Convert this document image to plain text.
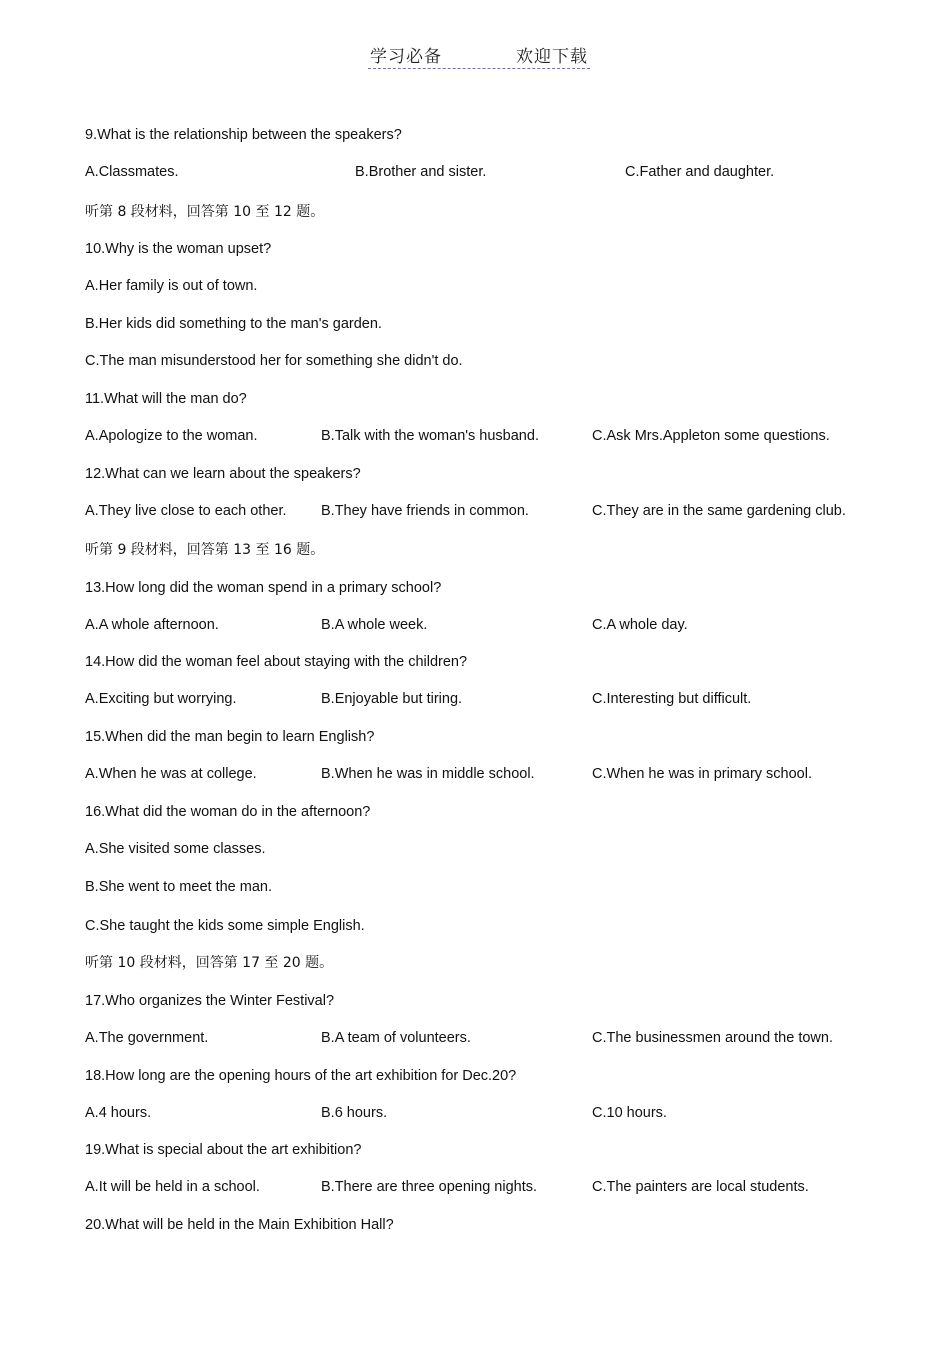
学习必备	欢迎下载
9.What is the relationship between the speakers?
A.Classmates.	B.Brother and sister.	C.Father and daughter.
听第 8 段材料，回答第 10 至 12 题。
10.Why is the woman upset?
A.Her family is out of town.
B.Her kids did something to the man's garden.
C.The man misunderstood her for something she didn't do.
11.What will the man do?
A.Apologize to the woman.	B.Talk with the woman's husband.	C.Ask Mrs.Appleton some questions.
12.What can we learn about the speakers?
A.They live close to each other. B.They have friends in common.	C.They are in the same gardening club.
听第 9 段材料，回答第 13 至 16 题。
13.How long did the woman spend in a primary school?
A.A whole afternoon.	B.A whole week.	C.A whole day.
14.How did the woman feel about staying with the children?
A.Exciting but worrying.	B.Enjoyable but tiring.	C.Interesting but difficult.
15.When did the man begin to learn English?
A.When he was at college.	B.When he was in middle school.	C.When he was in primary school.
16.What did the woman do in the afternoon?
A.She visited some classes.
B.She went to meet the man.
C.She taught the kids some simple English.
听第 10 段材料，回答第 17 至 20 题。
17.Who organizes the Winter Festival?
A.The government.	B.A team of volunteers.	C.The businessmen around the town.
18.How long are the opening hours of the art exhibition for Dec.20?
A.4 hours.	B.6 hours.	C.10 hours.
19.What is special about the art exhibition?
A.It will be held in a school.	B.There are three opening nights.	C.The painters are local students.
20.What will be held in the Main Exhibition Hall?
